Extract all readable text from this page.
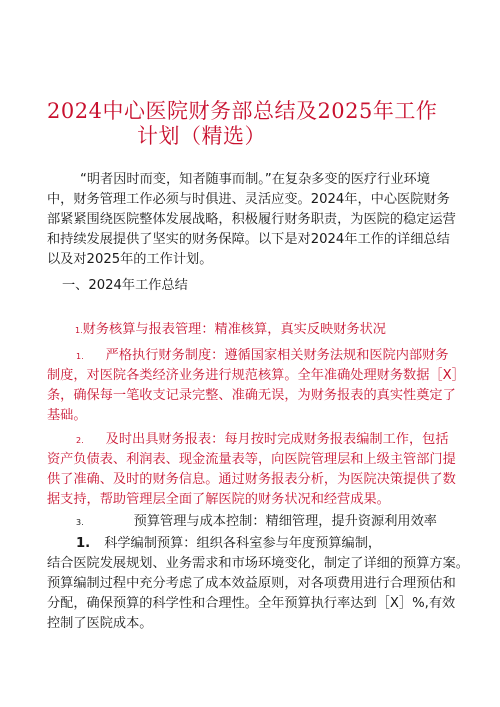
2024中心医院财务部总结及2025年工作
计划（精选）
“明者因时而变，知者随事而制。”在复杂多变的医疗行业环境
中，财务管理工作必须与时俱进、灵活应变。2024年，中心医院财务
部紧紧围绕医院整体发展战略，积极履行财务职责，为医院的稳定运营
和持续发展提供了坚实的财务保障。以下是对2024年工作的详细总结
以及对2025年的工作计划。
一、2024年工作总结
1.财务核算与报表管理：精准核算，真实反映财务状况
1. 严格执行财务制度：遵循国家相关财务法规和医院内部财务
制度，对医院各类经济业务进行规范核算。全年准确处理财务数据［X］
条，确保每一笔收支记录完整、准确无误，为财务报表的真实性奠定了
基础。
2. 及时出具财务报表：每月按时完成财务报表编制工作，包括
资产负债表、利润表、现金流量表等，向医院管理层和上级主管部门提
供了准确、及时的财务信息。通过财务报表分析，为医院决策提供了数
据支持，帮助管理层全面了解医院的财务状况和经营成果。
3.	预算管理与成本控制：精细管理，提升资源利用效率
1. 科学编制预算：组织各科室参与年度预算编制，
结合医院发展规划、业务需求和市场环境变化，制定了详细的预算方案。
预算编制过程中充分考虑了成本效益原则，对各项费用进行合理预估和
分配，确保预算的科学性和合理性。全年预算执行率达到［X］%,有效
控制了医院成本。
